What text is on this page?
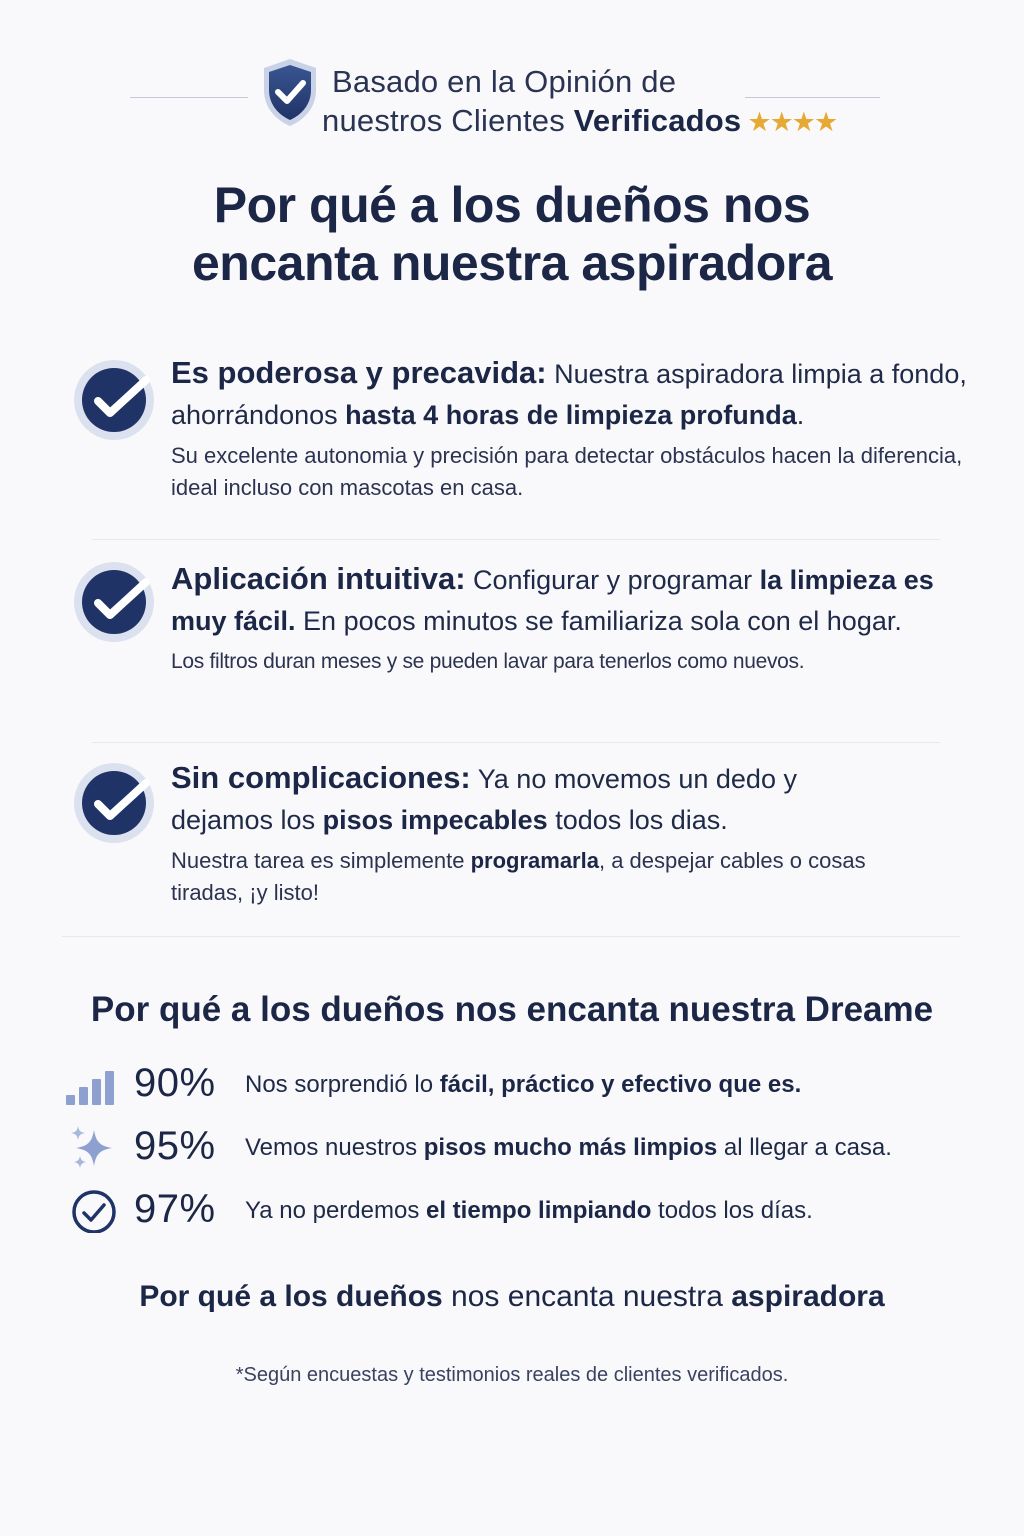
Basado en la Opinión de
nuestros Clientes Verificados ★★★★
Por qué a los dueños nos
encanta nuestra aspiradora
Es poderosa y precavida: Nuestra aspiradora limpia a fondo, ahorrándonos hasta 4 horas de limpieza profunda.
Su excelente autonomia y precisión para detectar obstáculos hacen la diferencia, ideal incluso con mascotas en casa.
Aplicación intuitiva: Configurar y programar la limpieza es muy fácil. En pocos minutos se familiariza sola con el hogar.
Los filtros duran meses y se pueden lavar para tenerlos como nuevos.
Sin complicaciones: Ya no movemos un dedo y dejamos los pisos impecables todos los dias.
Nuestra tarea es simplemente programarla, a despejar cables o cosas tiradas, ¡y listo!
Por qué a los dueños nos encanta nuestra Dreame
90% Nos sorprendió lo fácil, práctico y efectivo que es.
95% Vemos nuestros pisos mucho más limpios al llegar a casa.
97% Ya no perdemos el tiempo limpiando todos los días.
Por qué a los dueños nos encanta nuestra aspiradora
*Según encuestas y testimonios reales de clientes verificados.
